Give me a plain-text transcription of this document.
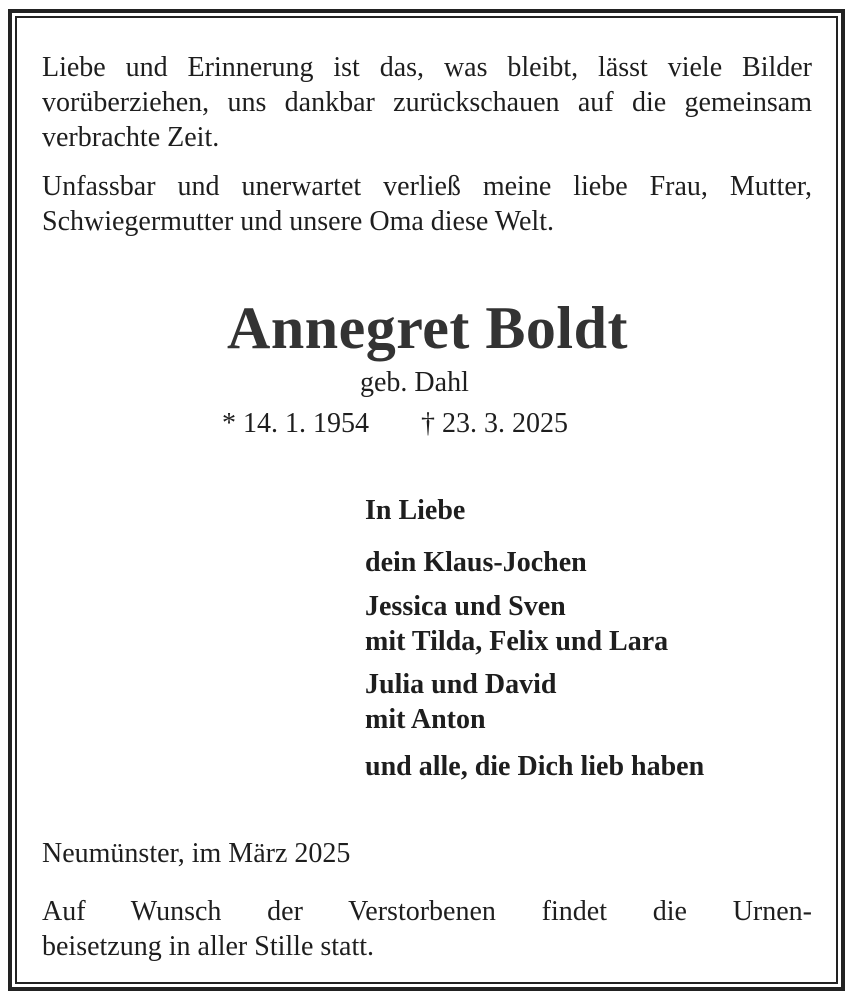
Liebe und Erinnerung ist das, was bleibt, lässt viele Bilder vorüberziehen, uns dankbar zurückschauen auf die gemeinsam verbrachte Zeit.

Unfassbar und unerwartet verließ meine liebe Frau, Mutter, Schwiegermutter und unsere Oma diese Welt.

Annegret Boldt

geb. Dahl

* 14. 1. 1954 † 23. 3. 2025

In Liebe

dein Klaus-Jochen

Jessica und Sven

mit Tilda, Felix und Lara

Julia und David

mit Anton

und alle, die Dich lieb haben

Neumünster, im März 2025

Auf Wunsch der Verstorbenen findet die Urnen-
beisetzung in aller Stille statt.
